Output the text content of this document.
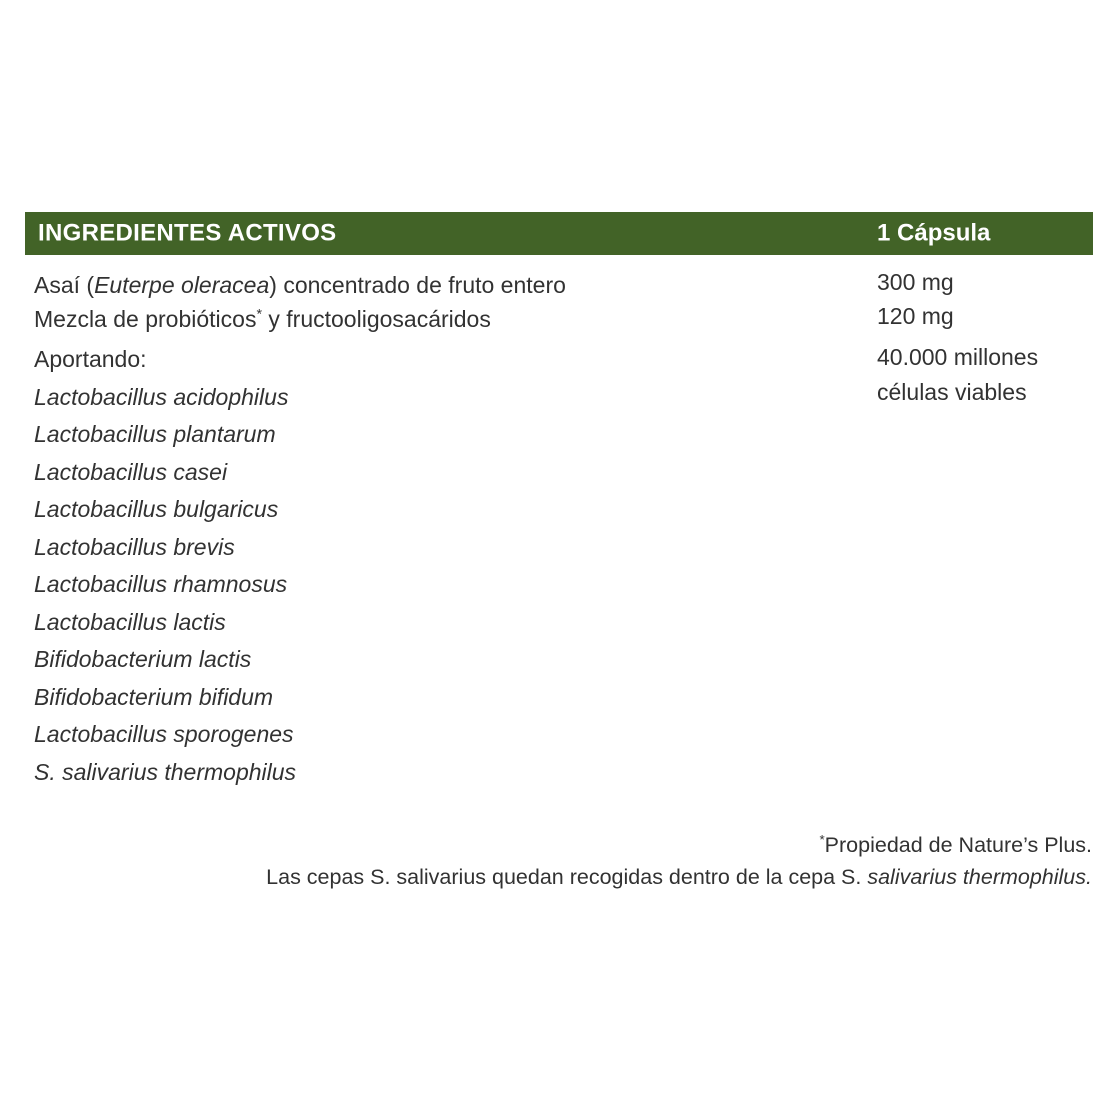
INGREDIENTES ACTIVOS	1 Cápsula
Asaí (Euterpe oleracea) concentrado de fruto entero
Mezcla de probióticos* y fructooligosacáridos
300 mg
120 mg
Aportando:
Lactobacillus acidophilus
Lactobacillus plantarum
Lactobacillus casei
Lactobacillus bulgaricus
Lactobacillus brevis
Lactobacillus rhamnosus
Lactobacillus lactis
Bifidobacterium lactis
Bifidobacterium bifidum
Lactobacillus sporogenes
S. salivarius thermophilus
40.000 millones
células viables
*Propiedad de Nature’s Plus.
Las cepas S. salivarius quedan recogidas dentro de la cepa S. salivarius thermophilus.
